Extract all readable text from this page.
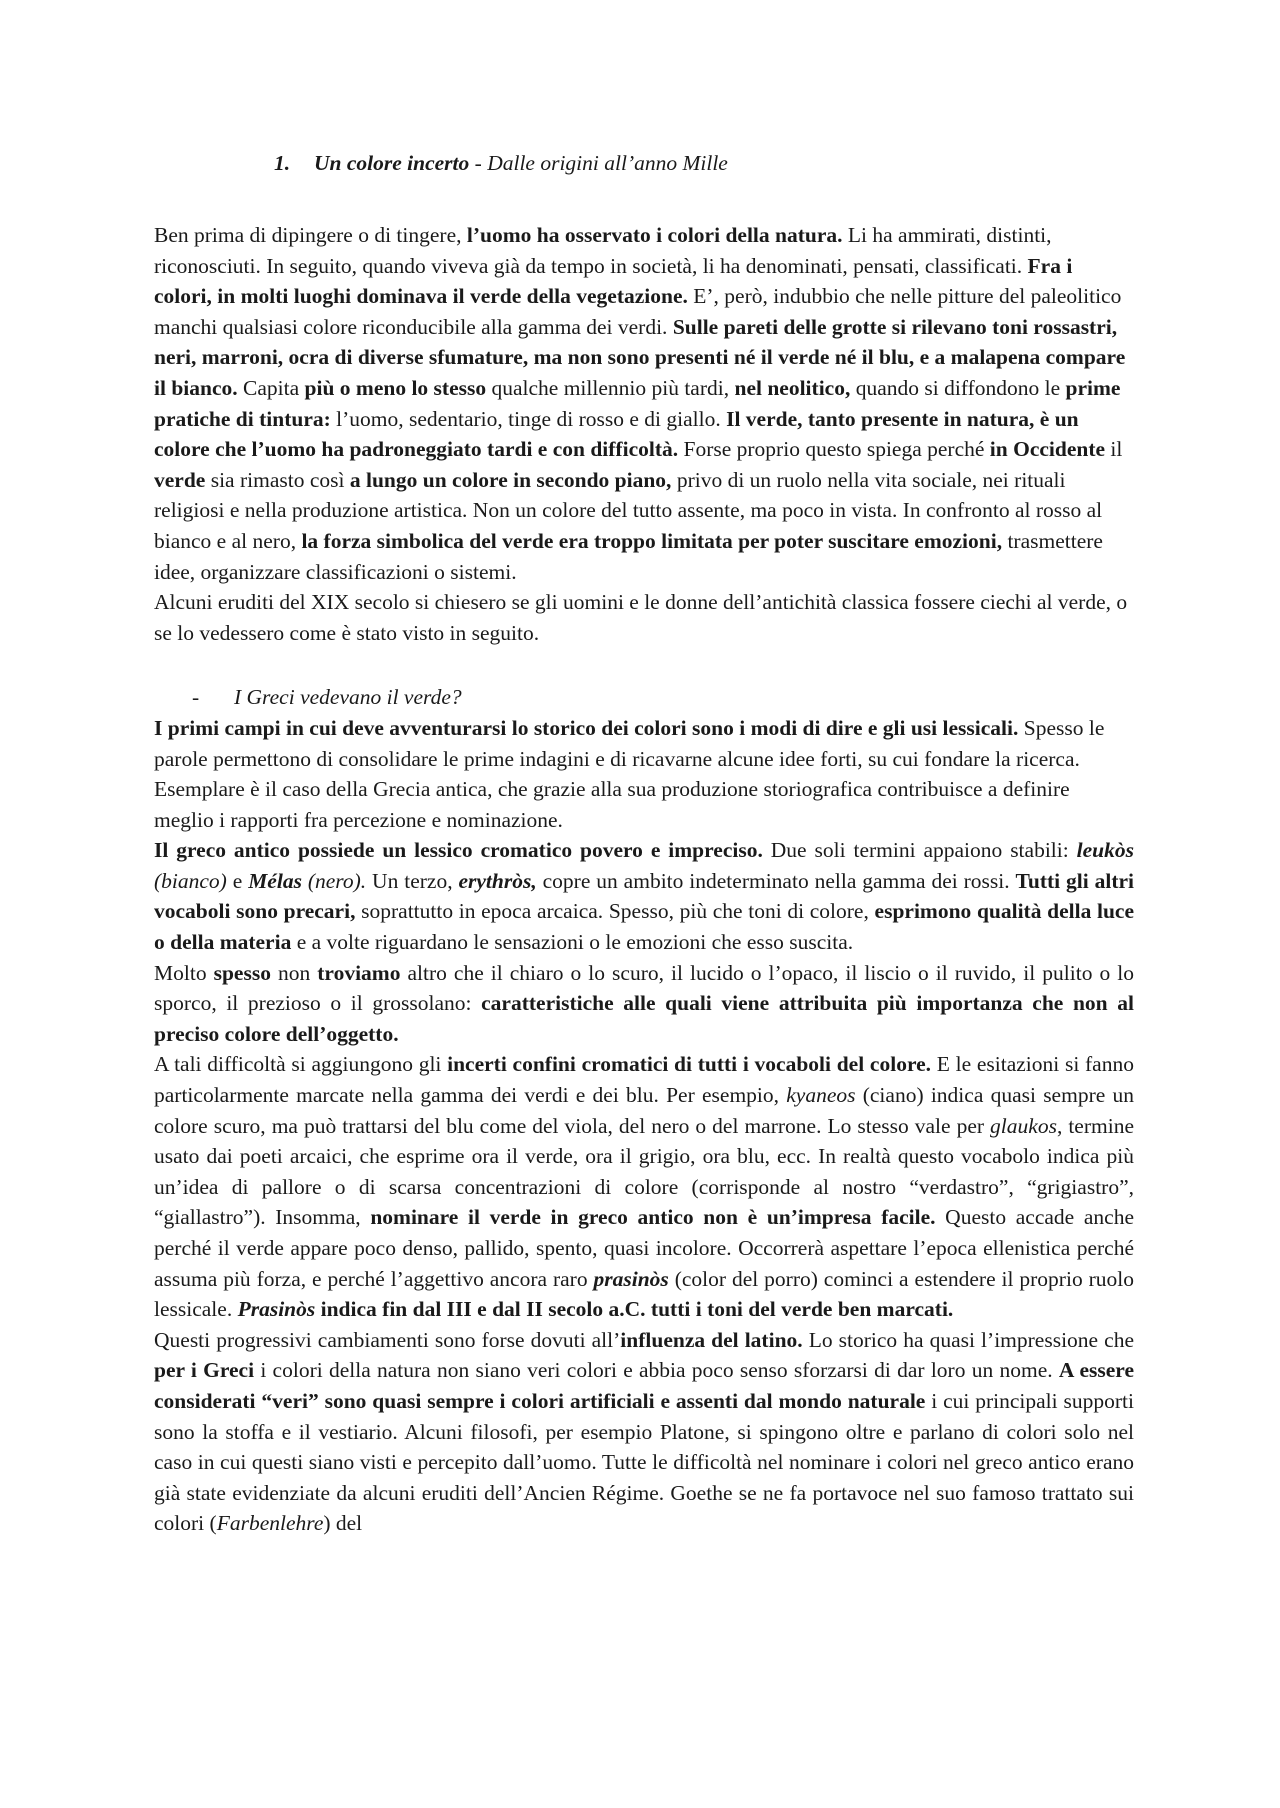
1. Un colore incerto - Dalle origini all’anno Mille

Ben prima di dipingere o di tingere, l’uomo ha osservato i colori della natura. Li ha ammirati, distinti, riconosciuti. In seguito, quando viveva già da tempo in società, li ha denominati, pensati, classificati. Fra i colori, in molti luoghi dominava il verde della vegetazione. E’, però, indubbio che nelle pitture del paleolitico manchi qualsiasi colore riconducibile alla gamma dei verdi. Sulle pareti delle grotte si rilevano toni rossastri, neri, marroni, ocra di diverse sfumature, ma non sono presenti né il verde né il blu, e a malapena compare il bianco. Capita più o meno lo stesso qualche millennio più tardi, nel neolitico, quando si diffondono le prime pratiche di tintura: l’uomo, sedentario, tinge di rosso e di giallo. Il verde, tanto presente in natura, è un colore che l’uomo ha padroneggiato tardi e con difficoltà. Forse proprio questo spiega perché in Occidente il verde sia rimasto così a lungo un colore in secondo piano, privo di un ruolo nella vita sociale, nei rituali religiosi e nella produzione artistica. Non un colore del tutto assente, ma poco in vista. In confronto al rosso al bianco e al nero, la forza simbolica del verde era troppo limitata per poter suscitare emozioni, trasmettere idee, organizzare classificazioni o sistemi.

Alcuni eruditi del XIX secolo si chiesero se gli uomini e le donne dell’antichità classica fossere ciechi al verde, o se lo vedessero come è stato visto in seguito.

- I Greci vedevano il verde?

I primi campi in cui deve avventurarsi lo storico dei colori sono i modi di dire e gli usi lessicali. Spesso le parole permettono di consolidare le prime indagini e di ricavarne alcune idee forti, su cui fondare la ricerca. Esemplare è il caso della Grecia antica, che grazie alla sua produzione storiografica contribuisce a definire meglio i rapporti fra percezione e nominazione.

Il greco antico possiede un lessico cromatico povero e impreciso. Due soli termini appaiono stabili: leukòs (bianco) e Mélas (nero). Un terzo, erythròs, copre un ambito indeterminato nella gamma dei rossi. Tutti gli altri vocaboli sono precari, soprattutto in epoca arcaica. Spesso, più che toni di colore, esprimono qualità della luce o della materia e a volte riguardano le sensazioni o le emozioni che esso suscita.

Molto spesso non troviamo altro che il chiaro o lo scuro, il lucido o l’opaco, il liscio o il ruvido, il pulito o lo sporco, il prezioso o il grossolano: caratteristiche alle quali viene attribuita più importanza che non al preciso colore dell’oggetto.

A tali difficoltà si aggiungono gli incerti confini cromatici di tutti i vocaboli del colore. E le esitazioni si fanno particolarmente marcate nella gamma dei verdi e dei blu. Per esempio, kyaneos (ciano) indica quasi sempre un colore scuro, ma può trattarsi del blu come del viola, del nero o del marrone. Lo stesso vale per glaukos, termine usato dai poeti arcaici, che esprime ora il verde, ora il grigio, ora blu, ecc. In realtà questo vocabolo indica più un’idea di pallore o di scarsa concentrazioni di colore (corrisponde al nostro “verdastro”, “grigiastro”, “giallastro”). Insomma, nominare il verde in greco antico non è un’impresa facile. Questo accade anche perché il verde appare poco denso, pallido, spento, quasi incolore. Occorrerà aspettare l’epoca ellenistica perché assuma più forza, e perché l’aggettivo ancora raro prasinòs (color del porro) cominci a estendere il proprio ruolo lessicale. Prasinòs indica fin dal III e dal II secolo a.C. tutti i toni del verde ben marcati.

Questi progressivi cambiamenti sono forse dovuti all’influenza del latino. Lo storico ha quasi l’impressione che per i Greci i colori della natura non siano veri colori e abbia poco senso sforzarsi di dar loro un nome. A essere considerati “veri” sono quasi sempre i colori artificiali e assenti dal mondo naturale i cui principali supporti sono la stoffa e il vestiario. Alcuni filosofi, per esempio Platone, si spingono oltre e parlano di colori solo nel caso in cui questi siano visti e percepito dall’uomo. Tutte le difficoltà nel nominare i colori nel greco antico erano già state evidenziate da alcuni eruditi dell’Ancien Régime. Goethe se ne fa portavoce nel suo famoso trattato sui colori (Farbenlehre) del
